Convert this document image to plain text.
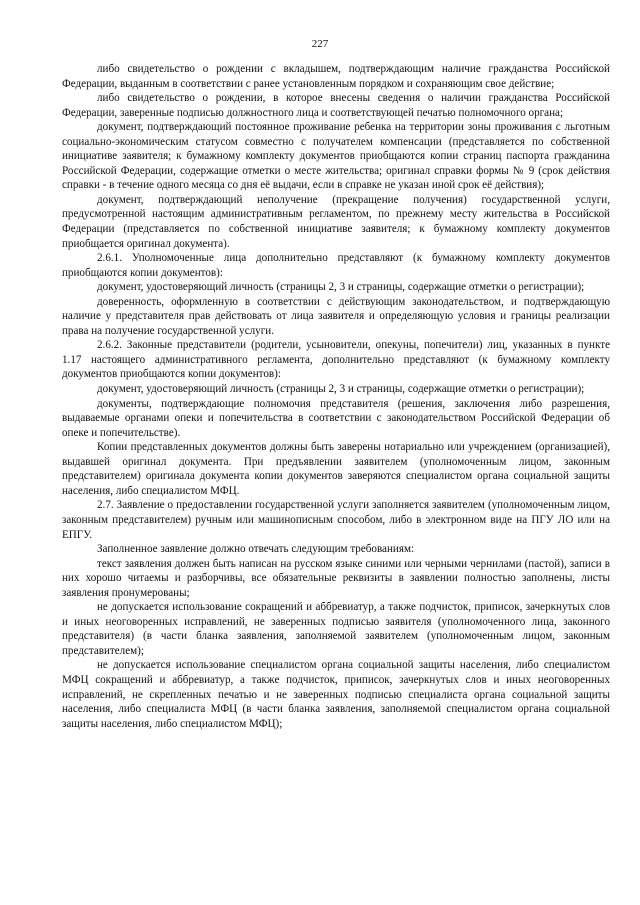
227

либо свидетельство о рождении с вкладышем, подтверждающим наличие гражданства Российской Федерации, выданным в соответствии с ранее установленным порядком и сохраняющим свое действие;

либо свидетельство о рождении, в которое внесены сведения о наличии гражданства Российской Федерации, заверенные подписью должностного лица и соответствующей печатью полномочного органа;

документ, подтверждающий постоянное проживание ребенка на территории зоны проживания с льготным социально-экономическим статусом совместно с получателем компенсации (представляется по собственной инициативе заявителя; к бумажному комплекту документов приобщаются копии страниц паспорта гражданина Российской Федерации, содержащие отметки о месте жительства; оригинал справки формы № 9 (срок действия справки - в течение одного месяца со дня её выдачи, если в справке не указан иной срок её действия);

документ, подтверждающий неполучение (прекращение получения) государственной услуги, предусмотренной настоящим административным регламентом, по прежнему месту жительства в Российской Федерации (представляется по собственной инициативе заявителя; к бумажному комплекту документов приобщается оригинал документа).

2.6.1. Уполномоченные лица дополнительно представляют (к бумажному комплекту документов приобщаются копии документов):

документ, удостоверяющий личность (страницы 2, 3 и страницы, содержащие отметки о регистрации);

доверенность, оформленную в соответствии с действующим законодательством, и подтверждающую наличие у представителя прав действовать от лица заявителя и определяющую условия и границы реализации права на получение государственной услуги.

2.6.2. Законные представители (родители, усыновители, опекуны, попечители) лиц, указанных в пункте 1.17 настоящего административного регламента, дополнительно представляют (к бумажному комплекту документов приобщаются копии документов):

документ, удостоверяющий личность (страницы 2, 3 и страницы, содержащие отметки о регистрации);

документы, подтверждающие полномочия представителя (решения, заключения либо разрешения, выдаваемые органами опеки и попечительства в соответствии с законодательством Российской Федерации об опеке и попечительстве).

Копии представленных документов должны быть заверены нотариально или учреждением (организацией), выдавшей оригинал документа. При предъявлении заявителем (уполномоченным лицом, законным представителем) оригинала документа копии документов заверяются специалистом органа социальной защиты населения, либо специалистом МФЦ.

2.7. Заявление о предоставлении государственной услуги заполняется заявителем (уполномоченным лицом, законным представителем) ручным или машинописным способом, либо в электронном виде на ПГУ ЛО или на ЕПГУ.

Заполненное заявление должно отвечать следующим требованиям:

текст заявления должен быть написан на русском языке синими или черными чернилами (пастой), записи в них хорошо читаемы и разборчивы, все обязательные реквизиты в заявлении полностью заполнены, листы заявления пронумерованы;

не допускается использование сокращений и аббревиатур, а также подчисток, приписок, зачеркнутых слов и иных неоговоренных исправлений, не заверенных подписью заявителя (уполномоченного лица, законного представителя) (в части бланка заявления, заполняемой заявителем (уполномоченным лицом, законным представителем);

не допускается использование специалистом органа социальной защиты населения, либо специалистом МФЦ сокращений и аббревиатур, а также подчисток, приписок, зачеркнутых слов и иных неоговоренных исправлений, не скрепленных печатью и не заверенных подписью специалиста органа социальной защиты населения, либо специалиста МФЦ (в части бланка заявления, заполняемой специалистом органа социальной защиты населения, либо специалистом МФЦ);
